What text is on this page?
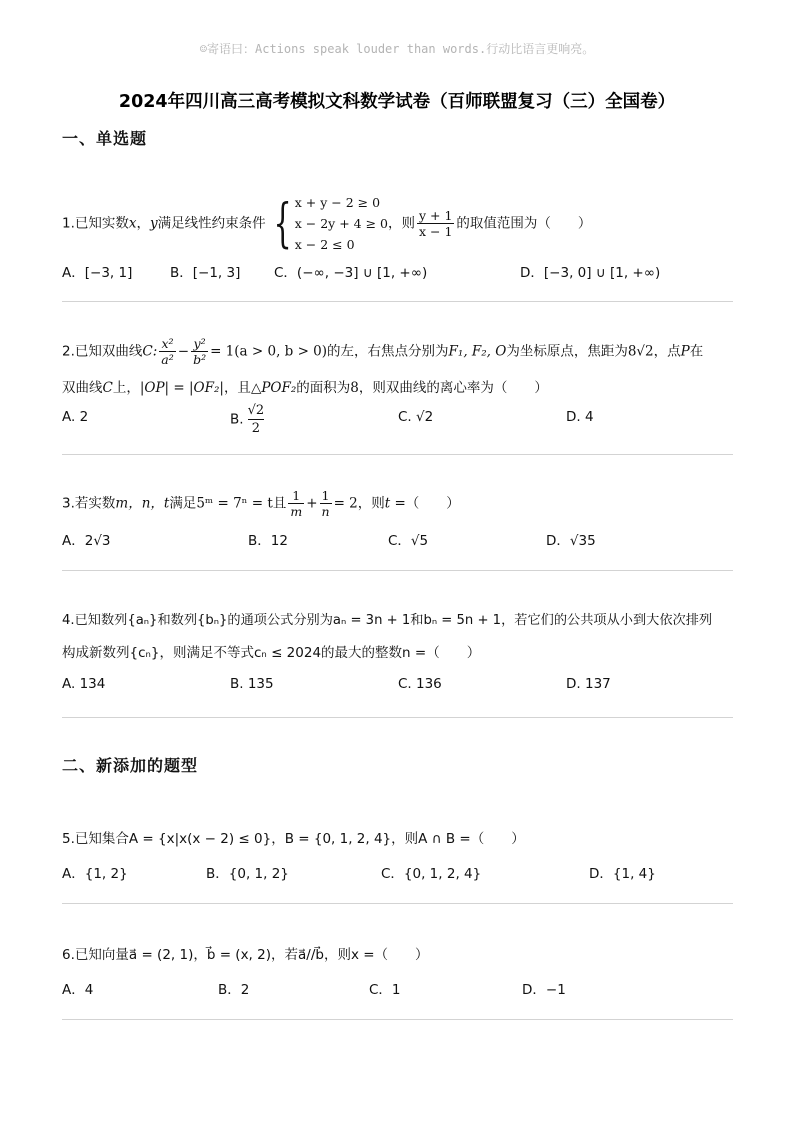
☺寄语曰：Actions speak louder than words.行动比语言更响亮。
2024年四川高三高考模拟文科数学试卷（百师联盟复习（三）全国卷）
一、单选题
1.已知实数x，y满足线性约束条件 { x + y − 2 ≥ 0
x − 2y + 4 ≥ 0
x − 2 ≤ 0
，则 $\frac{y + 1}{x - 1}$ 的取值范围为（　　）
A．[−3, 1]	B．[−1, 3] C．(−∞, −3] ∪ [1, +∞)	D．[−3, 0] ∪ [1, +∞)
2.已知双曲线C: $\frac{\text{x²}}{\text{a²}} - \frac{\text{y²}}{\text{b²}} = 1(a > 0$, b > 0)的左，右焦点分别为F₁, F₂, O为坐标原点，焦距为8√2，点P在
双曲线C上，|OP| = |OF₂|，且△POF₂的面积为8，则双曲线的离心率为（　　）
A. 2	B. $\frac{√2}{2}$	C. √2	D. 4
3.若实数m，n，t满足5ᵐ = 7ⁿ = t且 $\frac{1}{m} + \frac{1}{n} = 2$，则t =（　　）
A．2√3	B．12	C．√5	D．√35
4.已知数列{aₙ}和数列{bₙ}的通项公式分别为aₙ = 3n + 1和bₙ = 5n + 1，若它们的公共项从小到大依次排列
构成新数列{cₙ}，则满足不等式cₙ ≤ 2024的最大的整数n =（　　）
A. 134	B. 135	C. 136	D. 137
二、新添加的题型
5.已知集合A = {x|x(x − 2) ≤ 0}，B = {0, 1, 2, 4}，则A ∩ B =（　　）
A．{1, 2}	B．{0, 1, 2}	C．{0, 1, 2, 4}	D．{1, 4}
6.已知向量a⃗ = (2, 1)，b⃗ = (x, 2)，若a⃗//b⃗，则x =（　　）
A．4	B．2	C．1	D．−1
